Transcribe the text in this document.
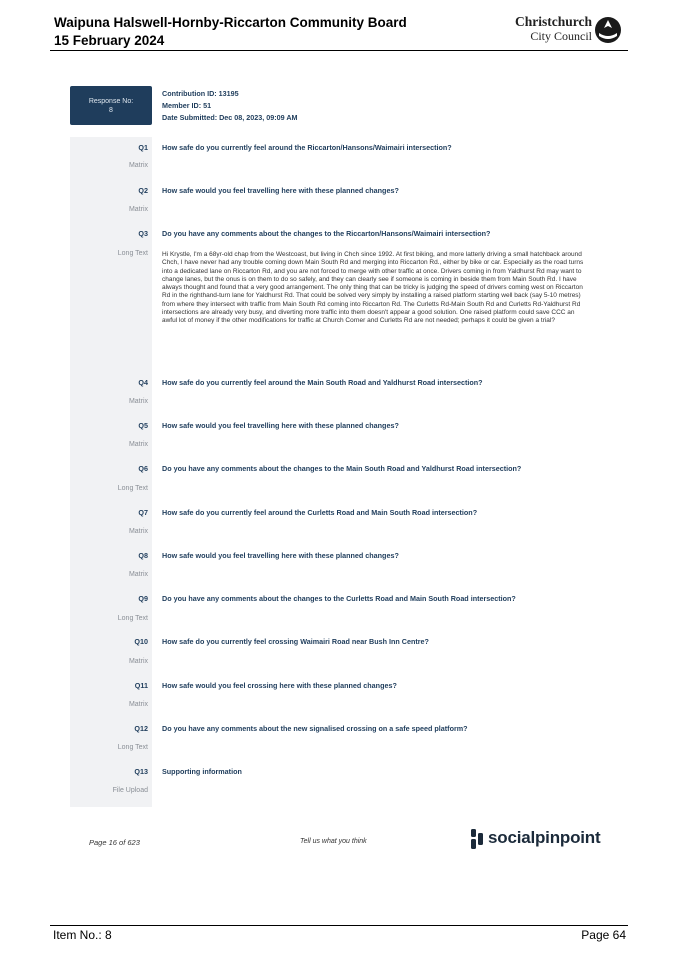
Waipuna Halswell-Hornby-Riccarton Community Board
15 February 2024
Christchurch
City Council
Response No:
8
Contribution ID: 13195
Member ID: 51
Date Submitted: Dec 08, 2023, 09:09 AM
Q1 How safe do you currently feel around the Riccarton/Hansons/Waimairi intersection?
Matrix
Q2 How safe would you feel travelling here with these planned changes?
Matrix
Q3 Do you have any comments about the changes to the Riccarton/Hansons/Waimairi intersection?
Long Text Hi Krystle, I'm a 68yr-old chap from the Westcoast, but living in Chch since 1992. At first biking, and more latterly driving a small hatchback around Chch, I have never had any trouble coming down Main South Rd and merging into Riccarton Rd., either by bike or car. Especially as the road turns into a dedicated lane on Riccarton Rd, and you are not forced to merge with other traffic at once. Drivers coming in from Yaldhurst Rd may want to change lanes, but the onus is on them to do so safely, and they can clearly see if someone is coming in beside them from Main South Rd. I have always thought and found that a very good arrangement. The only thing that can be tricky is judging the speed of drivers coming west on Riccarton Rd in the righthand-turn lane for Yaldhurst Rd. That could be solved very simply by installing a raised platform starting well back (say 5-10 metres) from where they intersect with traffic from Main South Rd coming into Riccarton Rd. The Curletts Rd-Main South Rd and Curletts Rd-Yaldhurst Rd intersections are already very busy, and diverting more traffic into them doesn't appear a good solution. One raised platform could save CCC an awful lot of money if the other modifications for traffic at Church Corner and Curletts Rd are not needed; perhaps it could be given a trial?
Q4 How safe do you currently feel around the Main South Road and Yaldhurst Road intersection?
Matrix
Q5 How safe would you feel travelling here with these planned changes?
Matrix
Q6 Do you have any comments about the changes to the Main South Road and Yaldhurst Road intersection?
Long Text
Q7 How safe do you currently feel around the Curletts Road and Main South Road intersection?
Matrix
Q8 How safe would you feel travelling here with these planned changes?
Matrix
Q9 Do you have any comments about the changes to the Curletts Road and Main South Road intersection?
Long Text
Q10 How safe do you currently feel crossing Waimairi Road near Bush Inn Centre?
Matrix
Q11 How safe would you feel crossing here with these planned changes?
Matrix
Q12 Do you have any comments about the new signalised crossing on a safe speed platform?
Long Text
Q13 Supporting information
File Upload
Page 16 of 623	Tell us what you think	socialpinpoint
Item No.: 8	Page 64
